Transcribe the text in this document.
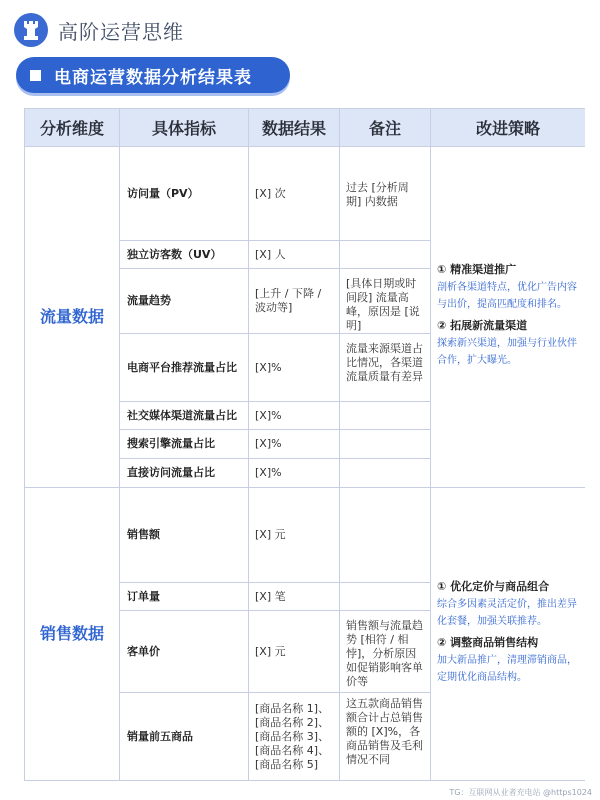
高阶运营思维
电商运营数据分析结果表
分析维度	具体指标	数据结果	备注	改进策略
流量数据	访问量（PV）	[X] 次	过去 [分析周期] 内数据	① 精准渠道推广
剖析各渠道特点，优化广告内容与出价，提高匹配度和排名。
② 拓展新流量渠道
探索新兴渠道，加强与行业伙伴合作，扩大曝光。

	独立访客数（UV）	[X] 人		
	流量趋势	[上升 / 下降 / 波动等]	[具体日期或时间段] 流量高峰，原因是 [说明]	
	电商平台推荐流量占比	[X]%	流量来源渠道占比情况，各渠道流量质量有差异	
	社交媒体渠道流量占比	[X]%		
	搜索引擎流量占比	[X]%		
	直接访问流量占比	[X]%		
销售数据	销售额	[X] 元		① 优化定价与商品组合
综合多因素灵活定价，推出差异化套餐，加强关联推荐。
② 调整商品销售结构
加大新品推广，清理滞销商品，定期优化商品结构。

	订单量	[X] 笔		
	客单价	[X] 元	销售额与流量趋势 [相符 / 相悖]，分析原因如促销影响客单价等	
	销量前五商品	[商品名称 1]、[商品名称 2]、[商品名称 3]、[商品名称 4]、[商品名称 5]	这五款商品销售额合计占总销售额的 [X]%，各商品销售及毛利情况不同	
TG：互联网从业者充电站 @https1024
